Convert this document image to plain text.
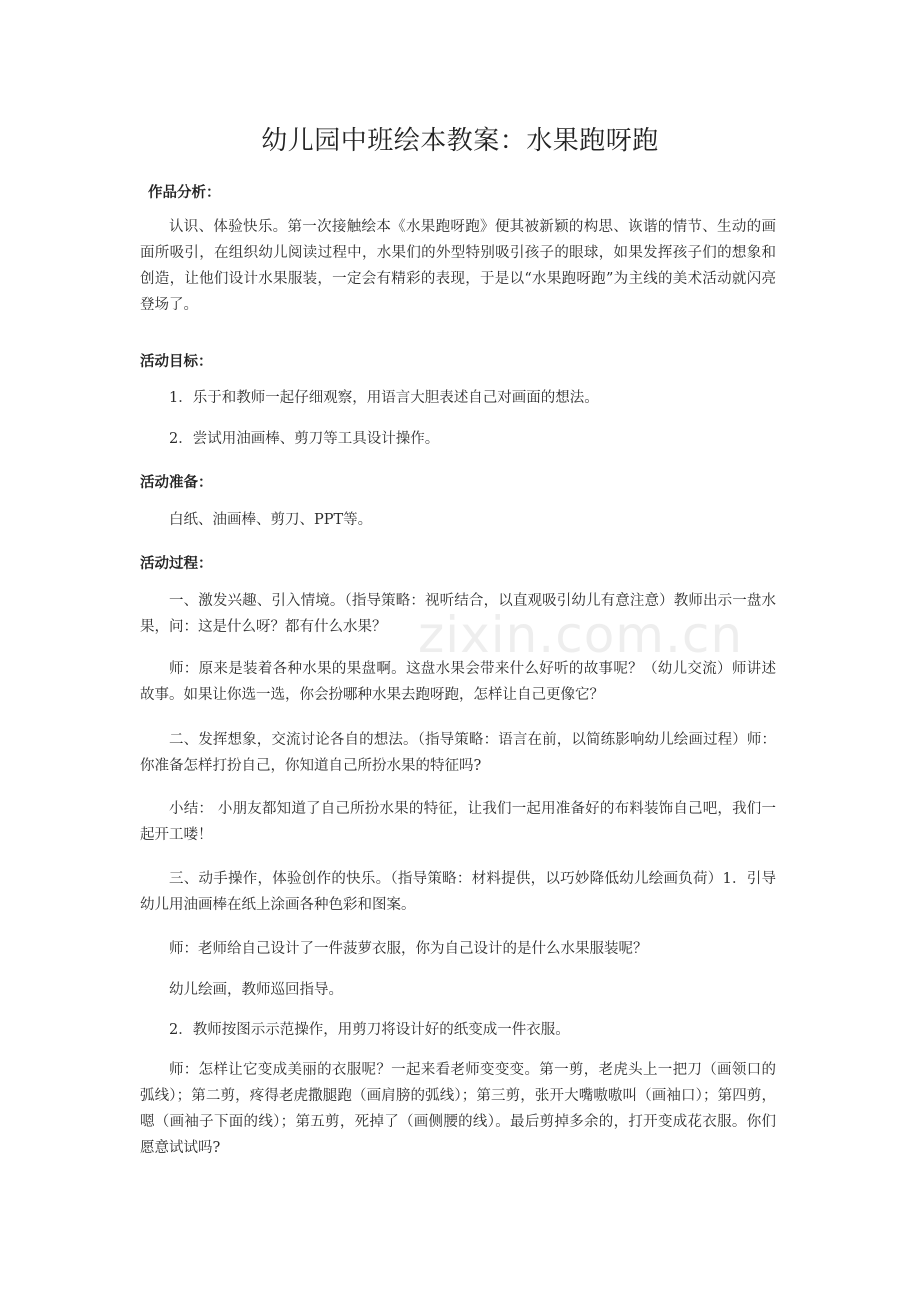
幼儿园中班绘本教案：水果跑呀跑
作品分析：

认识、体验快乐。第一次接触绘本《水果跑呀跑》便其被新颖的构思、诙谐的情节、生动的画面所吸引，在组织幼儿阅读过程中，水果们的外型特别吸引孩子的眼球，如果发挥孩子们的想象和创造，让他们设计水果服装，一定会有精彩的表现，于是以“水果跑呀跑”为主线的美术活动就闪亮登场了。

活动目标：

1．乐于和教师一起仔细观察，用语言大胆表述自己对画面的想法。

2．尝试用油画棒、剪刀等工具设计操作。

活动准备：

白纸、油画棒、剪刀、PPT等。

活动过程：

一、激发兴趣、引入情境。（指导策略：视听结合，以直观吸引幼儿有意注意）教师出示一盘水果，问：这是什么呀？都有什么水果？

师：原来是装着各种水果的果盘啊。这盘水果会带来什么好听的故事呢？（幼儿交流）师讲述故事。如果让你选一选，你会扮哪种水果去跑呀跑，怎样让自己更像它？

二、发挥想象，交流讨论各自的想法。（指导策略：语言在前，以简练影响幼儿绘画过程）师：你准备怎样打扮自己，你知道自己所扮水果的特征吗?

小结： 小朋友都知道了自己所扮水果的特征，让我们一起用准备好的布料装饰自己吧，我们一起开工喽！

三、动手操作，体验创作的快乐。（指导策略：材料提供，以巧妙降低幼儿绘画负荷）1．引导幼儿用油画棒在纸上涂画各种色彩和图案。

师：老师给自己设计了一件菠萝衣服，你为自己设计的是什么水果服装呢？

幼儿绘画，教师巡回指导。

2．教师按图示示范操作，用剪刀将设计好的纸变成一件衣服。

师：怎样让它变成美丽的衣服呢？一起来看老师变变变。第一剪，老虎头上一把刀（画领口的弧线）；第二剪，疼得老虎撒腿跑（画肩膀的弧线）；第三剪，张开大嘴嗷嗷叫（画袖口）；第四剪，嗯（画袖子下面的线）；第五剪，死掉了（画侧腰的线）。最后剪掉多余的，打开变成花衣服。你们愿意试试吗?

zixin.com.cn
